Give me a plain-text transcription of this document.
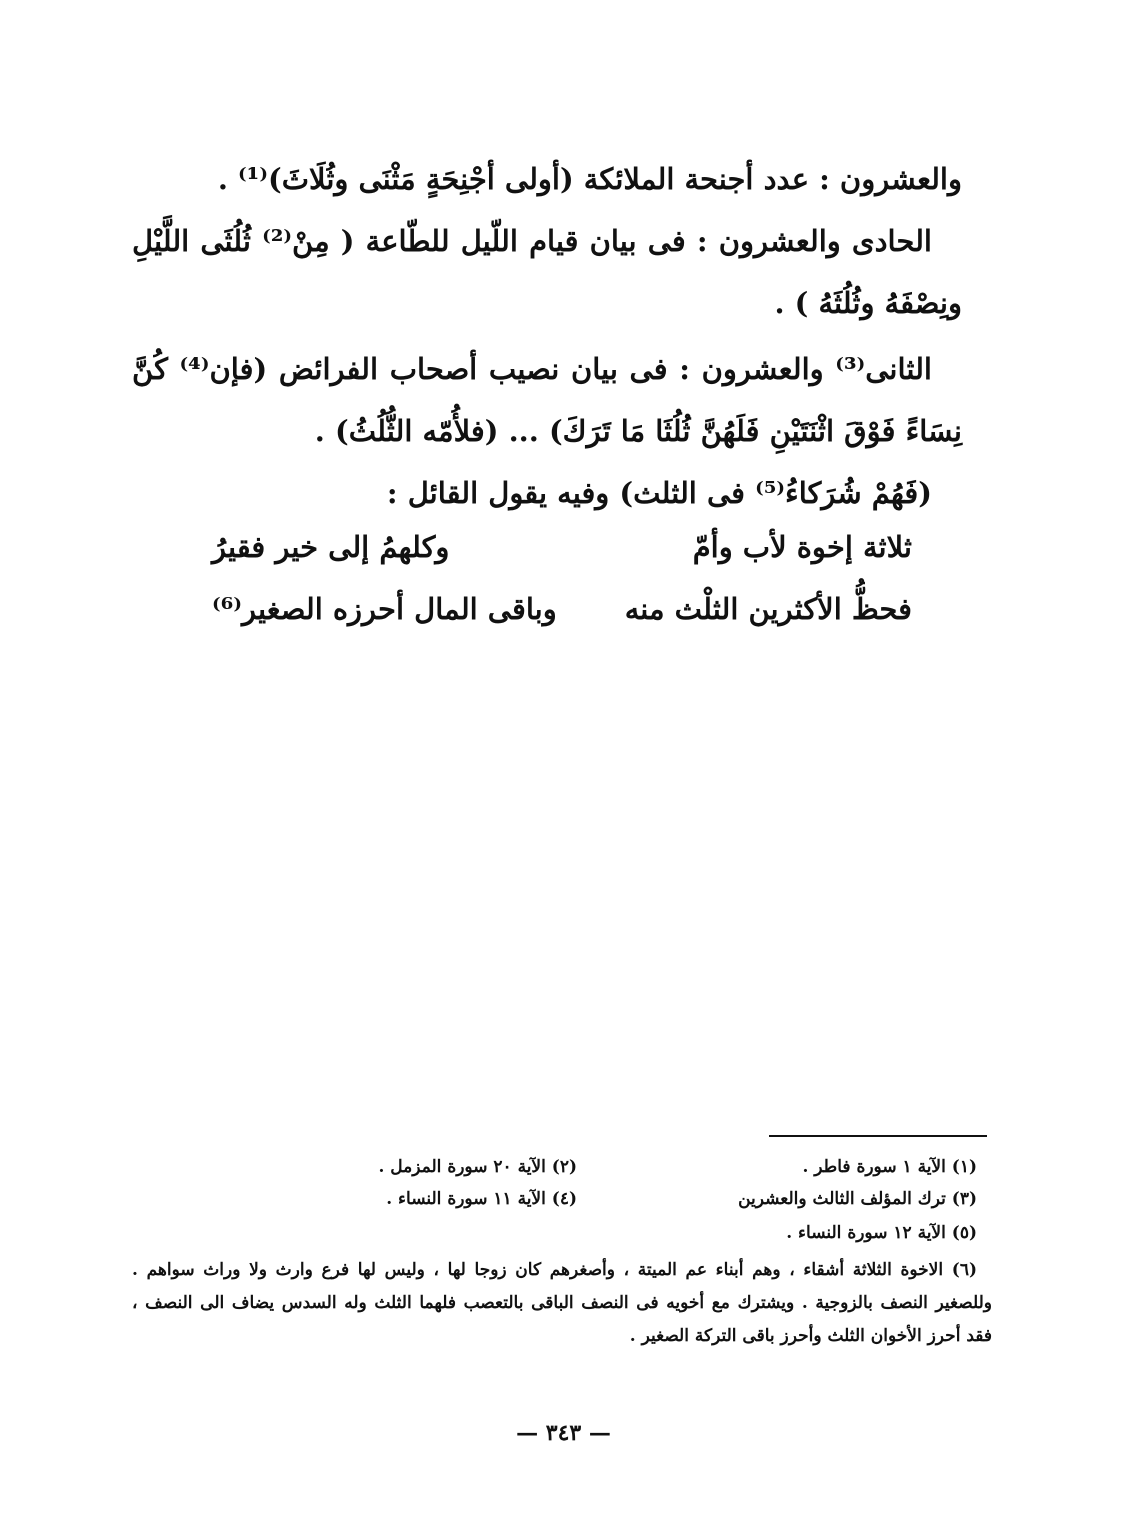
والعشرون : عدد أجنحة الملائكة (أولى أجْنِحَةٍ مَثْنَى وثُلَاثَ)⁽¹⁾ .
الحادى والعشرون : فى بيان قيام اللّيل للطّاعة ( مِنْ⁽²⁾ ثُلُثَى اللَّيْلِ ونِصْفَهُ وثُلُثَهُ ) .
الثانى⁽³⁾ والعشرون : فى بيان نصيب أصحاب الفرائض (فإن⁽⁴⁾ كُنَّ نِسَاءً فَوْقَ اثْنَتَيْنِ فَلَهُنَّ ثُلُثَا مَا تَرَكَ) ... (فلأُمّه الثُّلُثُ) .
(فَهُمْ شُرَكاءُ⁽⁵⁾ فى الثلث) وفيه يقول القائل :
ثلاثة إخوة لأب وأمّ
وكلهمُ إلى خير فقيرُ
فحظُّ الأكثرين الثلْث منه
وباقى المال أحرزه الصغير⁽⁶⁾
(١) الآية ١ سورة فاطر .
(٢) الآية ٢٠ سورة المزمل .
(٣) ترك المؤلف الثالث والعشرين
(٤) الآية ١١ سورة النساء .
(٥) الآية ١٢ سورة النساء .
(٦) الاخوة الثلاثة أشقاء ، وهم أبناء عم الميتة ، وأصغرهم كان زوجا لها ، وليس لها فرع وارث ولا وراث سواهم . وللصغير النصف بالزوجية . ويشترك مع أخويه فى النصف الباقى بالتعصب فلهما الثلث وله السدس يضاف الى النصف ، فقد أحرز الأخوان الثلث وأحرز باقى التركة الصغير .
— ٣٤٣ —
